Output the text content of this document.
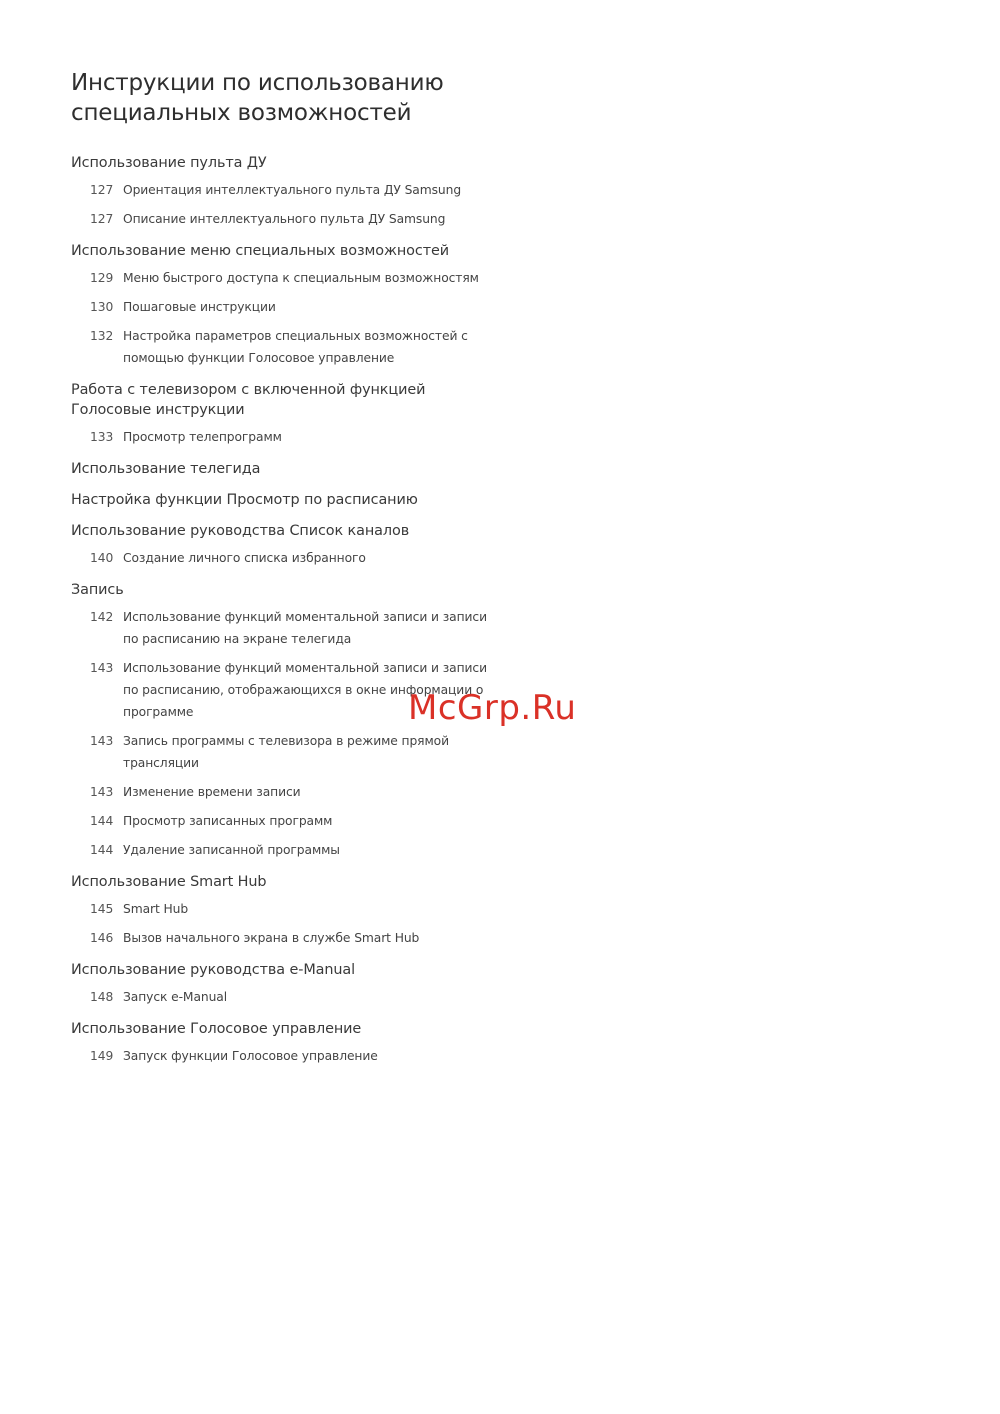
Инструкции по использованию специальных возможностей
Использование пульта ДУ
127 Ориентация интеллектуального пульта ДУ Samsung
127 Описание интеллектуального пульта ДУ Samsung
Использование меню специальных возможностей
129 Меню быстрого доступа к специальным возможностям
130 Пошаговые инструкции
132 Настройка параметров специальных возможностей с помощью функции Голосовое управление
Работа с телевизором с включенной функцией Голосовые инструкции
133 Просмотр телепрограмм
Использование телегида
Настройка функции Просмотр по расписанию
Использование руководства Список каналов
140 Создание личного списка избранного
Запись
142 Использование функций моментальной записи и записи по расписанию на экране телегида
143 Использование функций моментальной записи и записи по расписанию, отображающихся в окне информации о программе
143 Запись программы с телевизора в режиме прямой трансляции
143 Изменение времени записи
144 Просмотр записанных программ
144 Удаление записанной программы
Использование Smart Hub
145 Smart Hub
146 Вызов начального экрана в службе Smart Hub
Использование руководства e-Manual
148 Запуск e-Manual
Использование Голосовое управление
149 Запуск функции Голосовое управление
McGrp.Ru
